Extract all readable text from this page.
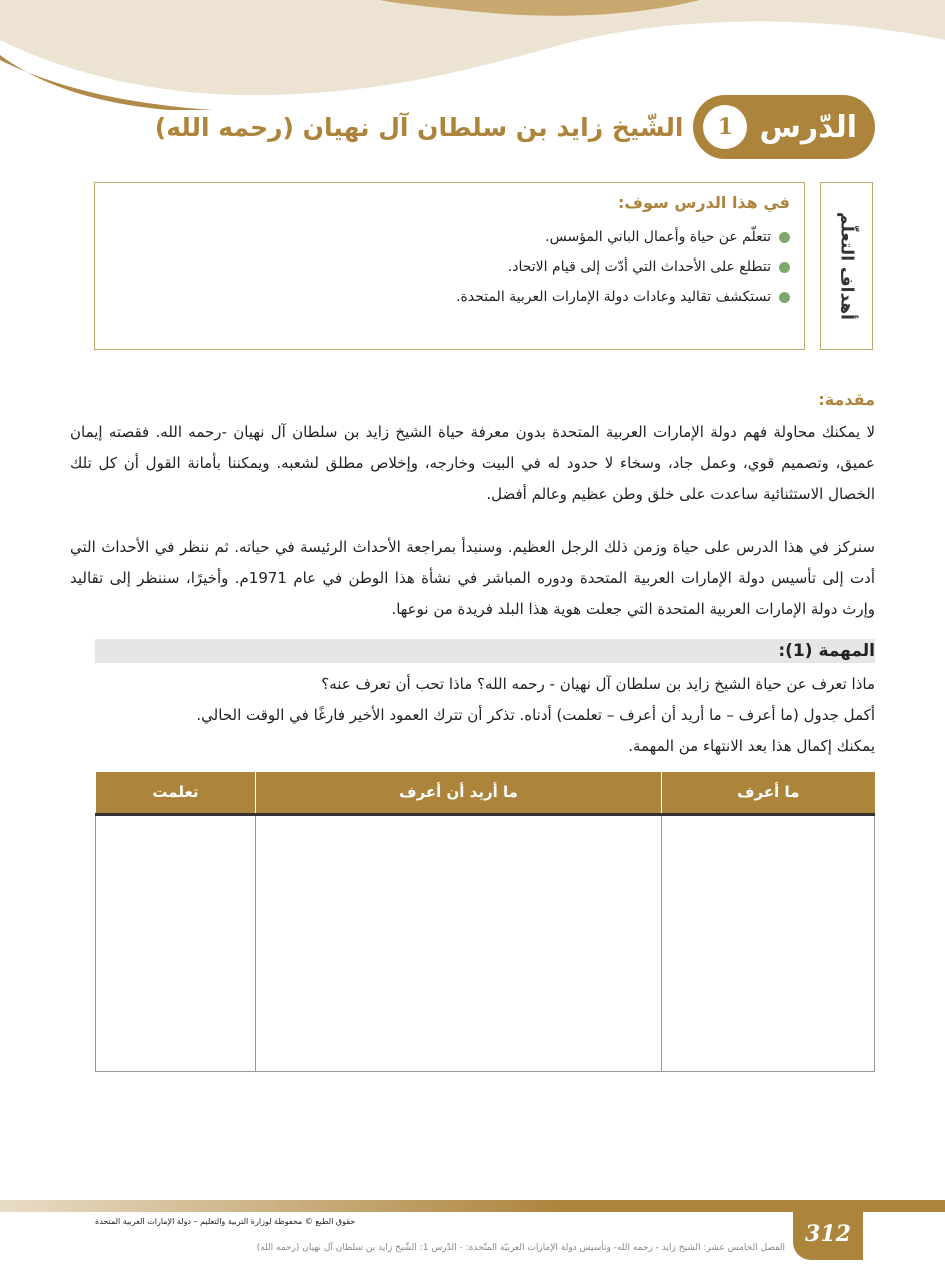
الدّرس
1
الشّيخ زايد بن سلطان آل نهيان (رحمه الله)
أهداف التعلّم
في هذا الدرس سوف:
تتعلّم عن حياة وأعمال الباني المؤسس.
تتطلع على الأحداث التي أدّت إلى قيام الاتحاد.
تستكشف تقاليد وعادات دولة الإمارات العربية المتحدة.
مقدمة:

لا يمكنك محاولة فهم دولة الإمارات العربية المتحدة بدون معرفة حياة الشيخ زايد بن سلطان آل نهيان -رحمه الله. فقصته إيمان عميق، وتصميم قوي، وعمل جاد، وسخاء لا حدود له في البيت وخارجه، وإخلاص مطلق لشعبه. ويمكننا بأمانة القول أن كل تلك الخصال الاستثنائية ساعدت على خلق وطن عظيم وعالم أفضل.

سنركز في هذا الدرس على حياة وزمن ذلك الرجل العظيم. وسنبدأ بمراجعة الأحداث الرئيسة في حياته. ثم ننظر في الأحداث التي أدت إلى تأسيس دولة الإمارات العربية المتحدة ودوره المباشر في نشأة هذا الوطن في عام 1971م. وأخيرًا، سننظر إلى تقاليد وإرث دولة الإمارات العربية المتحدة التي جعلت هوية هذا البلد فريدة من نوعها.

المهمة (1):

ماذا تعرف عن حياة الشيخ زايد بن سلطان آل نهيان - رحمه الله؟ ماذا تحب أن تعرف عنه؟

أكمل جدول (ما أعرف – ما أريد أن أعرف – تعلمت) أدناه. تذكر أن تترك العمود الأخير فارغًا في الوقت الحالي.

يمكنك إكمال هذا بعد الانتهاء من المهمة.

ما أعرف	ما أريد أن أعرف	تعلمت

312
حقوق الطبع © محفوظة لوزارة التربية والتعليم – دولة الإمارات العربية المتحدة
الفصل الخامس عشر: الشيخ زايد - رحمه الله- وتأسيس دولة الإمارات العربيّة المتّحدة: - الدّرس 1: الشّيخ زايد بن سلطان آل نهيان (رحمه الله)
